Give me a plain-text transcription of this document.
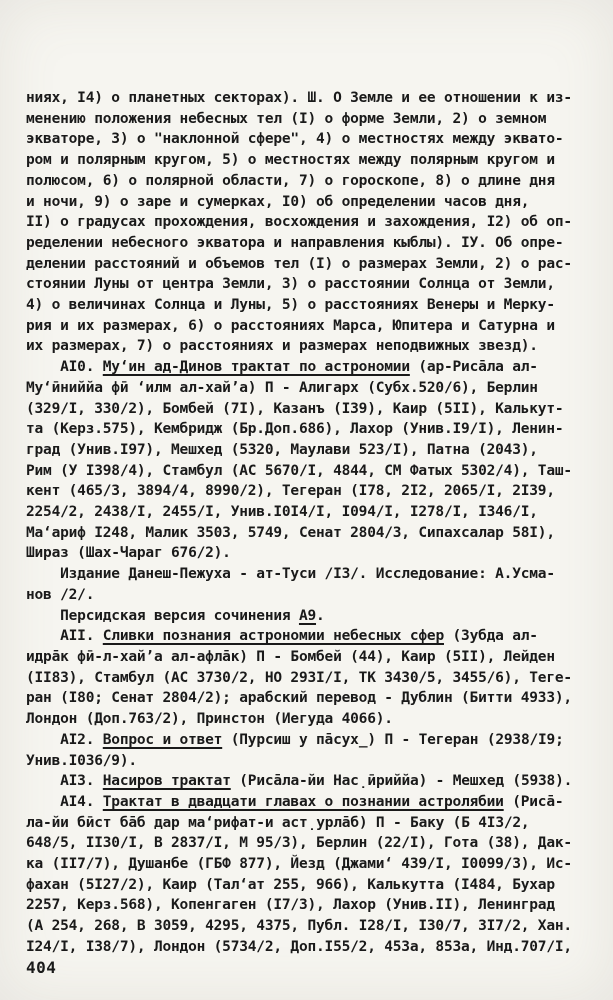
ниях, I4) о планетных секторах). Ш. О Земле и ее отношении к из-
менению положения небесных тел (I) о форме Земли, 2) о земном
экваторе, 3) о "наклонной сфере", 4) о местностях между эквато-
ром и полярным кругом, 5) о местностях между полярным кругом и
полюсом, 6) о полярной области, 7) о гороскопе, 8) о длине дня
и ночи, 9) о заре и сумерках, I0) об определении часов дня,
II) о градусах прохождения, восхождения и захождения, I2) об оп-
ределении небесного экватора и направления кыблы). IУ. Об опре-
делении расстояний и объемов тел (I) о размерах Земли, 2) о рас-
стоянии Луны от центра Земли, 3) о расстоянии Солнца от Земли,
4) о величинах Солнца и Луны, 5) о расстояниях Венеры и Мерку-
рия и их размерах, 6) о расстояниях Марса, Юпитера и Сатурна и
их размерах, 7) о расстояниях и размерах неподвижных звезд).
АI0. Му‘ин ад-Динов трактат по астрономии (ар-Рисāла ал-
Му‘ӣниййа фӣ ‘илм ал-хай’а) П - Алигарх (Субх.520/6), Берлин
(329/I, 330/2), Бомбей (7I), Казанъ (I39), Каир (5II), Калькут-
та (Керз.575), Кембридж (Бр.Доп.686), Лахор (Унив.I9/I), Ленин-
град (Унив.I97), Мешхед (5320, Маулави 523/I), Патна (2043),
Рим (У I398/4), Стамбул (АС 5670/I, 4844, СМ Фатых 5302/4), Таш-
кент (465/3, 3894/4, 8990/2), Тегеран (I78, 2I2, 2065/I, 2I39,
2254/2, 2438/I, 2455/I, Унив.I0I4/I, I094/I, I278/I, I346/I,
Ма‘ариф I248, Малик 3503, 5749, Сенат 2804/3, Сипахсалар 58I),
Шираз (Шах-Чараг 676/2).
Издание Данеш-Пежуха - ат-Туси /I3/. Исследование: А.Усма-
нов /2/.
Персидская версия сочинения А9.
АII. Сливки познания астрономии небесных сфер (Зубда ал-
идрāк фӣ-л-хай’а ал-афлāк) П - Бомбей (44), Каир (5II), Лейден
(II83), Стамбул (АС 3730/2, НО 293I/I, ТК 3430/5, 3455/6), Теге-
ран (I80; Сенат 2804/2); арабский перевод - Дублин (Битти 4933),
Лондон (Доп.763/2), Принстон (Иегуда 4066).
АI2. Вопрос и ответ (Пурсиш у пāсух̲) П - Тегеран (2938/I9;
Унив.I036/9).
АI3. Насиров трактат (Рисāла-йи Нас̣ӣриййа) - Мешхед (5938).
АI4. Трактат в двадцати главах о познании астролябии (Рисā-
ла-йи бӣст бāб дар ма‘рифат-и аст̣урлāб) П - Баку (Б 4I3/2,
648/5, II30/I, В 2837/I, М 95/3), Берлин (22/I), Гота (38), Дак-
ка (II7/7), Душанбе (ГБФ 877), Йезд (Джами‘ 439/I, I0099/3), Ис-
фахан (5I27/2), Каир (Тал‘ат 255, 966), Калькутта (I484, Бухар
2257, Керз.568), Копенгаген (I7/3), Лахор (Унив.II), Ленинград
(А 254, 268, В 3059, 4295, 4375, Публ. I28/I, I30/7, 3I7/2, Хан.
I24/I, I38/7), Лондон (5734/2, Доп.I55/2, 453а, 853а, Инд.707/I,
404
